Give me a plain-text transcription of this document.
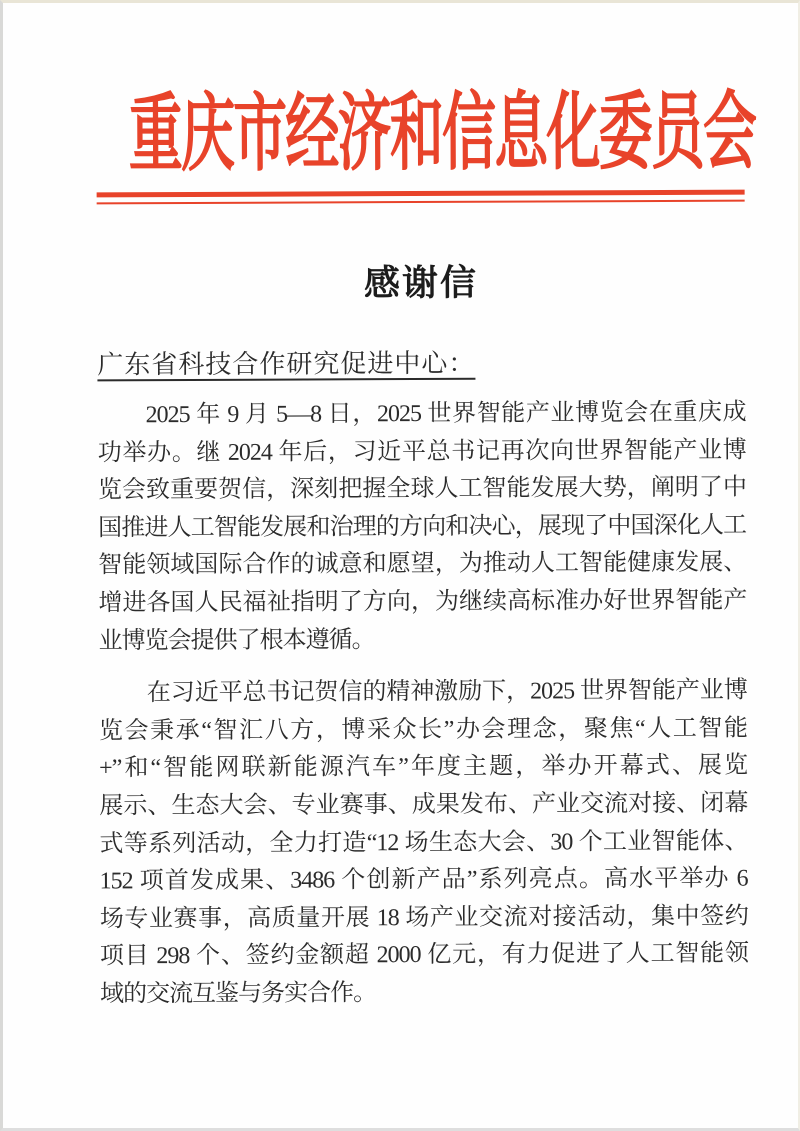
重庆市经济和信息化委员会
感谢信
广东省科技合作研究促进中心：
2025 年 9 月 5—8 日，2025 世界智能产业博览会在重庆成
功举办。继 2024 年后，习近平总书记再次向世界智能产业博
览会致重要贺信，深刻把握全球人工智能发展大势，阐明了中
国推进人工智能发展和治理的方向和决心，展现了中国深化人工
智能领域国际合作的诚意和愿望，为推动人工智能健康发展、
增进各国人民福祉指明了方向，为继续高标准办好世界智能产
业博览会提供了根本遵循。
在习近平总书记贺信的精神激励下，2025 世界智能产业博
览会秉承“智汇八方，博采众长”办会理念，聚焦“人工智能
+”和“智能网联新能源汽车”年度主题，举办开幕式、展览
展示、生态大会、专业赛事、成果发布、产业交流对接、闭幕
式等系列活动，全力打造“12 场生态大会、30 个工业智能体、
152 项首发成果、3486 个创新产品”系列亮点。高水平举办 6
场专业赛事，高质量开展 18 场产业交流对接活动，集中签约
项目 298 个、签约金额超 2000 亿元，有力促进了人工智能领
域的交流互鉴与务实合作。
